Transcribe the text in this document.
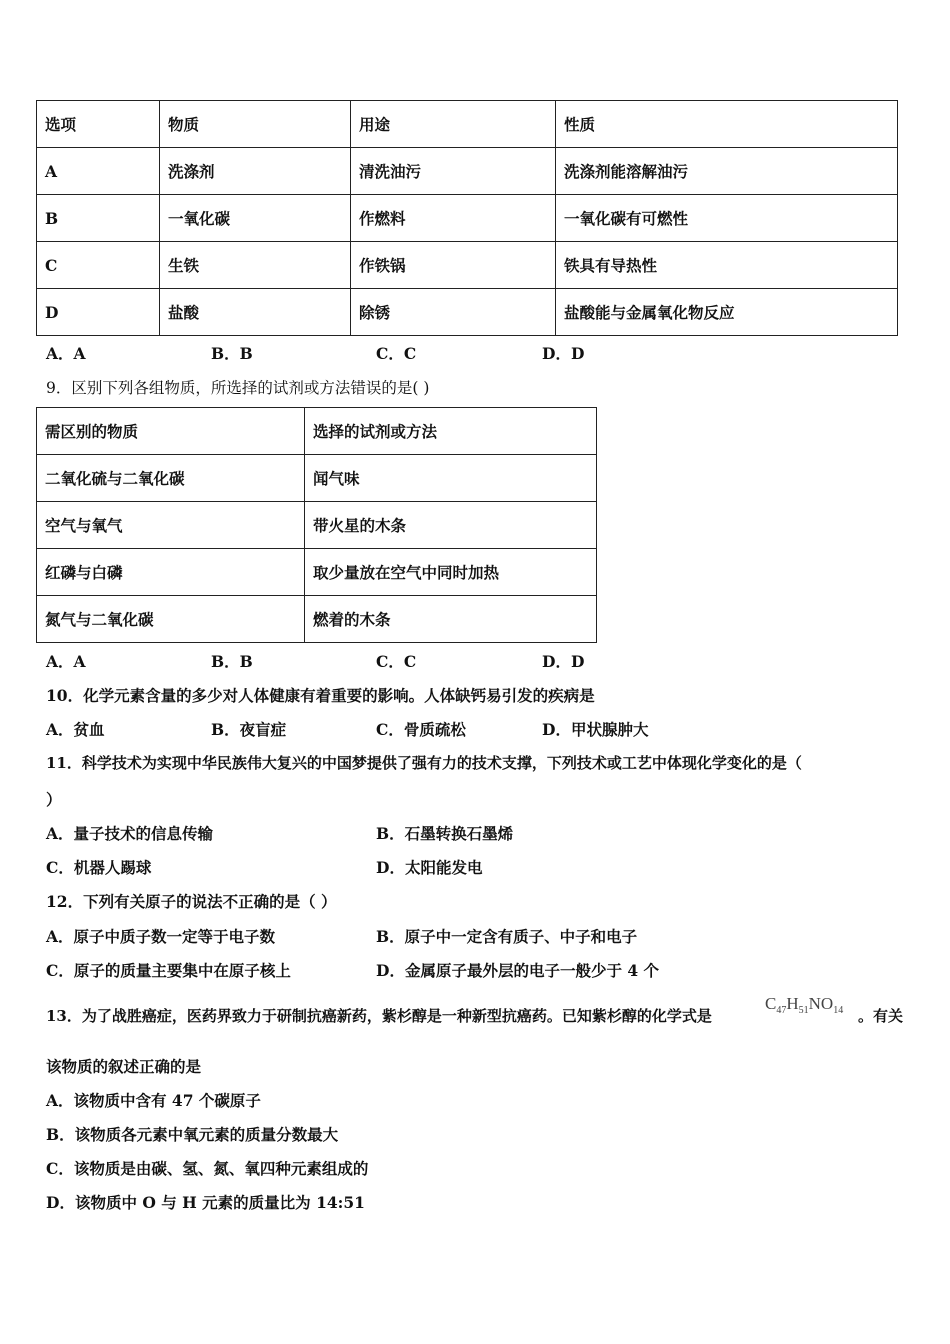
选项	物质	用途	性质
A	洗涤剂	清洗油污	洗涤剂能溶解油污
B	一氧化碳	作燃料	一氧化碳有可燃性
C	生铁	作铁锅	铁具有导热性
D	盐酸	除锈	盐酸能与金属氧化物反应
A．A	B．B	C．C	D．D
9．区别下列各组物质，所选择的试剂或方法错误的是( )
需区别的物质	选择的试剂或方法
二氧化硫与二氧化碳	闻气味
空气与氧气	带火星的木条
红磷与白磷	取少量放在空气中同时加热
氮气与二氧化碳	燃着的木条
A．A	B．B	C．C	D．D
10．化学元素含量的多少对人体健康有着重要的影响。人体缺钙易引发的疾病是
A．贫血	B．夜盲症	C．骨质疏松	D．甲状腺肿大
11．科学技术为实现中华民族伟大复兴的中国梦提供了强有力的技术支撑，下列技术或工艺中体现化学变化的是（
）
A．量子技术的信息传输	B．石墨转换石墨烯
C．机器人踢球	D．太阳能发电
12．下列有关原子的说法不正确的是（ ）
A．原子中质子数一定等于电子数	B．原子中一定含有质子、中子和电子
C．原子的质量主要集中在原子核上	D．金属原子最外层的电子一般少于 4 个
13．为了战胜癌症，医药界致力于研制抗癌新药，紫杉醇是一种新型抗癌药。已知紫杉醇的化学式是
$C_{47}H_{51}NO_{14}$ 。有关
该物质的叙述正确的是
A．该物质中含有 47 个碳原子
B．该物质各元素中氧元素的质量分数最大
C．该物质是由碳、氢、氮、氧四种元素组成的
D．该物质中 O 与 H 元素的质量比为 14:51
